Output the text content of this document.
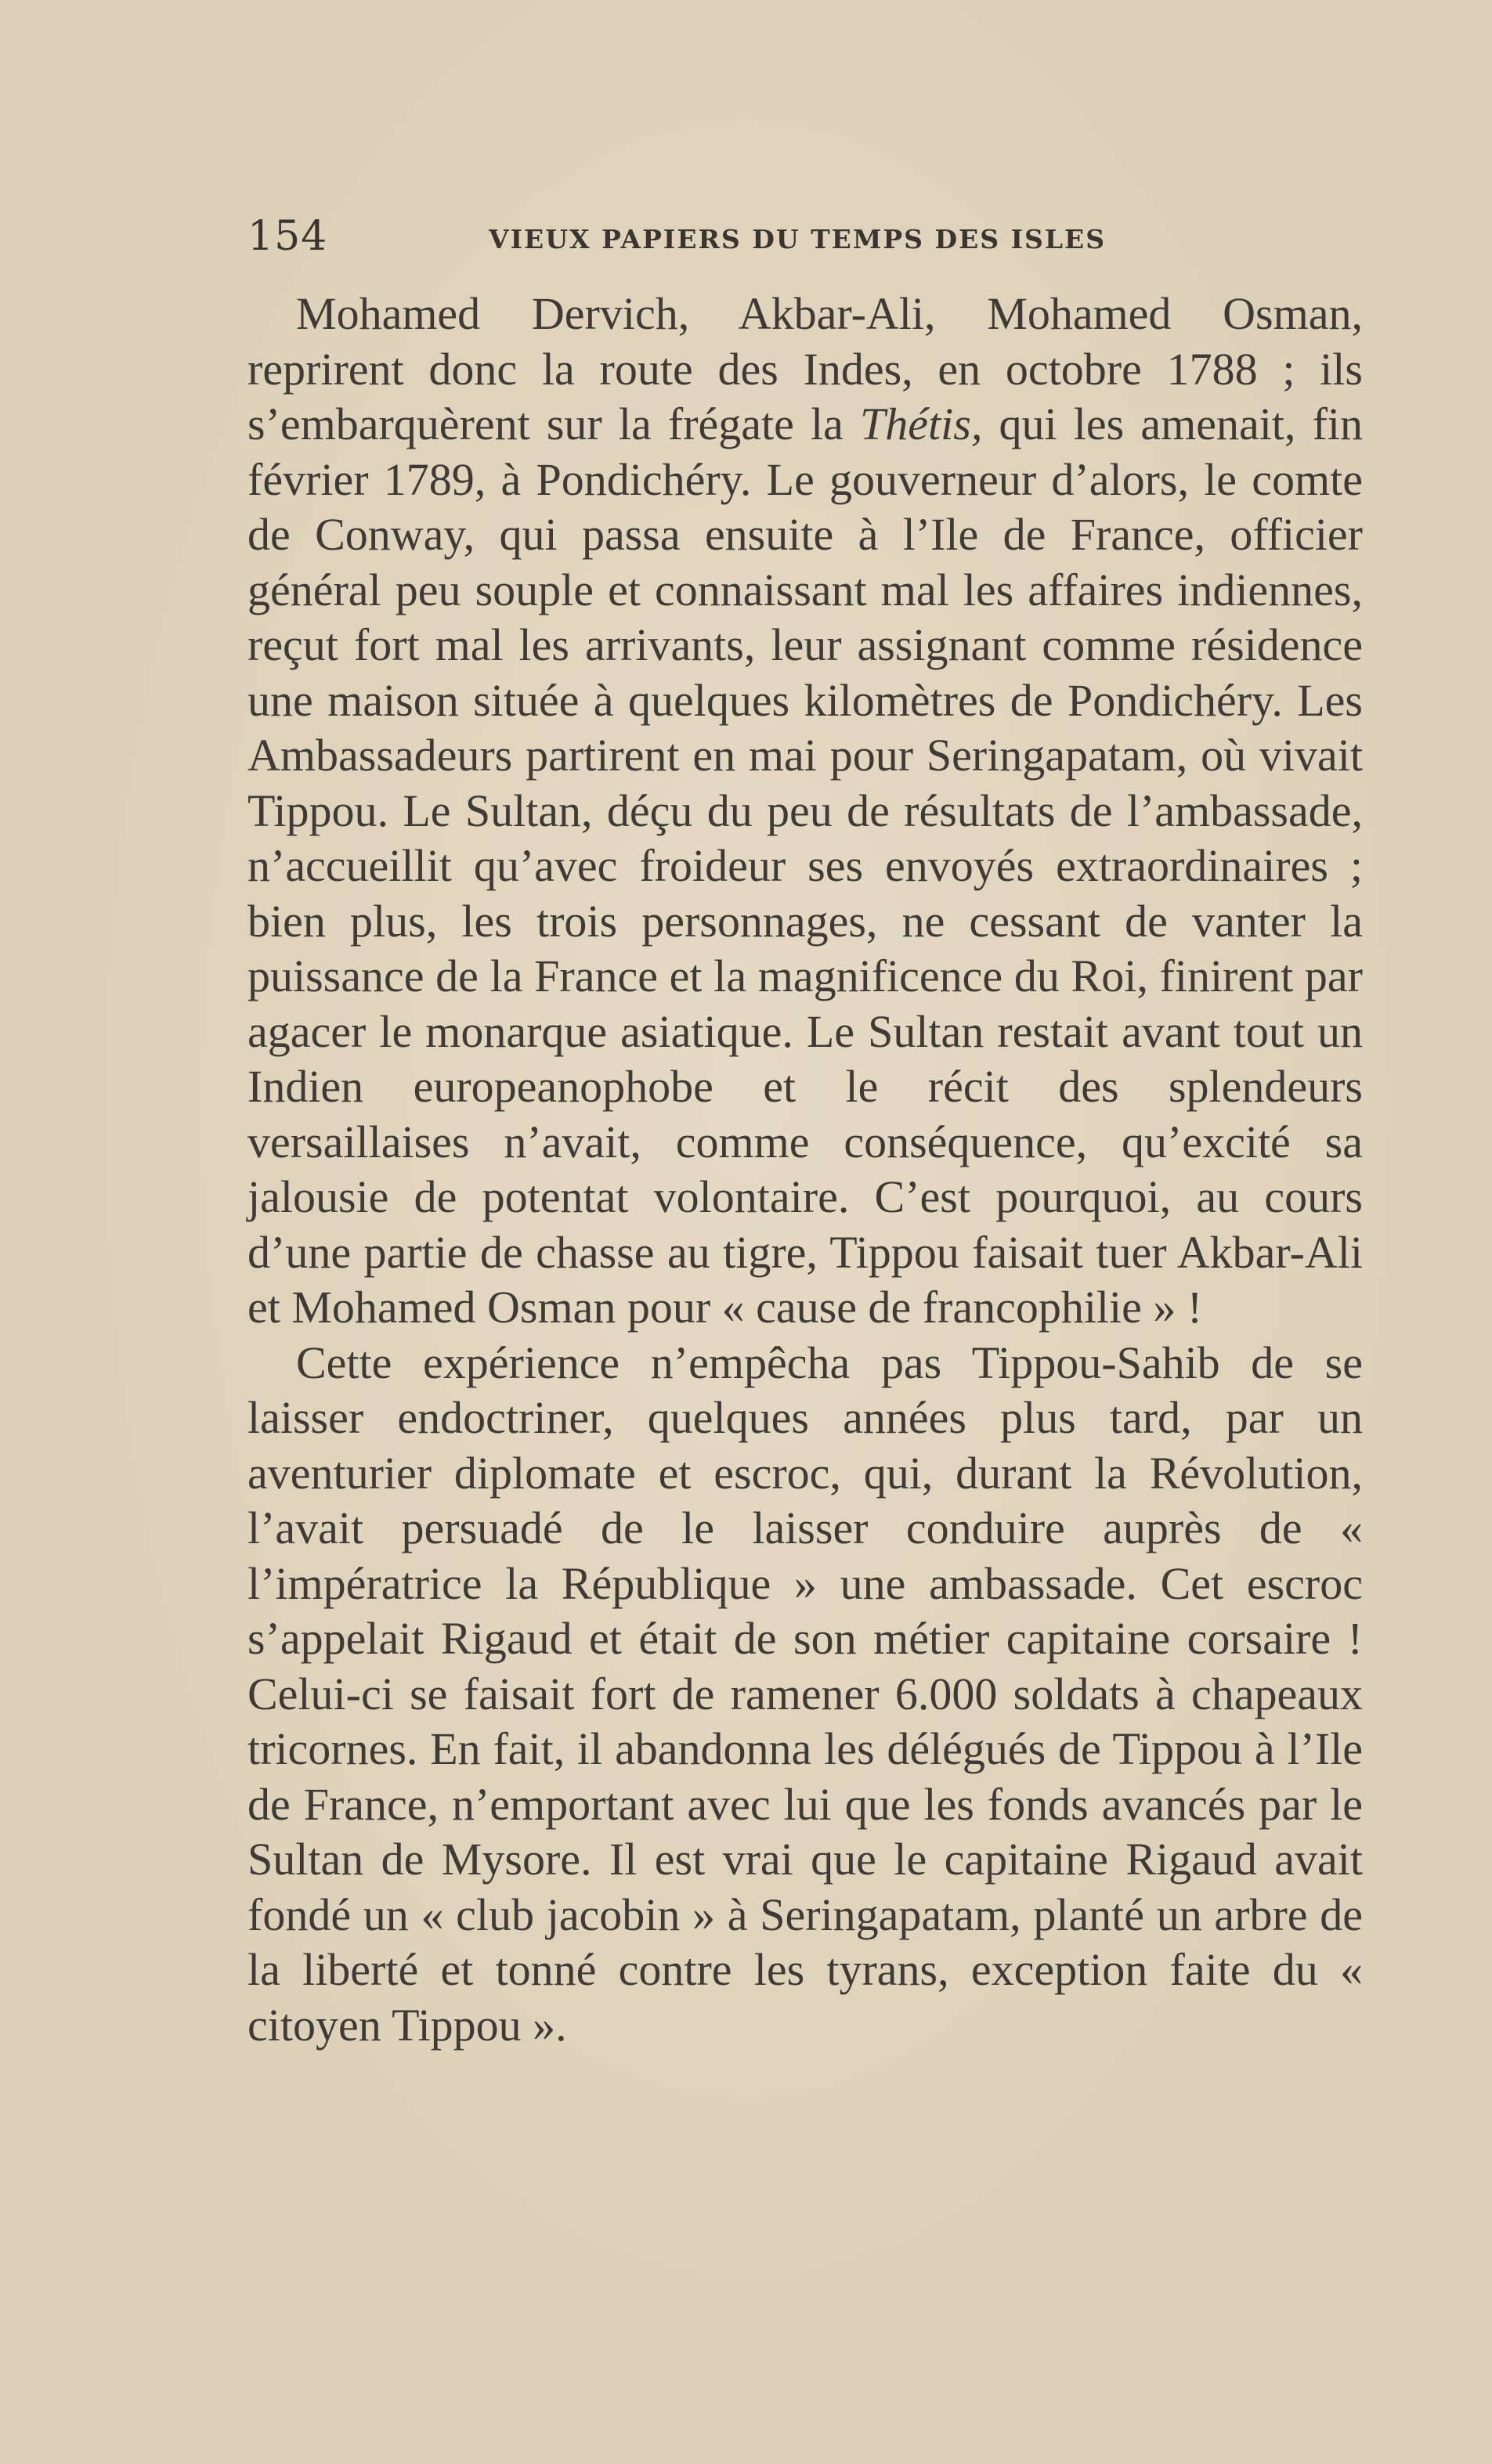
154	VIEUX PAPIERS DU TEMPS DES ISLES

Mohamed Dervich, Akbar-Ali, Mohamed Osman, reprirent donc la route des Indes, en octobre 1788 ; ils s’embarquèrent sur la frégate la Thétis, qui les amenait, fin février 1789, à Pondichéry. Le gouverneur d’alors, le comte de Conway, qui passa ensuite à l’Ile de France, officier général peu souple et connaissant mal les affaires indiennes, reçut fort mal les arrivants, leur assignant comme résidence une maison située à quelques kilomètres de Pondichéry. Les Ambassadeurs partirent en mai pour Seringapatam, où vivait Tippou. Le Sultan, déçu du peu de résultats de l’ambassade, n’accueillit qu’avec froideur ses envoyés extraordinaires ; bien plus, les trois personnages, ne cessant de vanter la puissance de la France et la magnificence du Roi, finirent par agacer le monarque asiatique. Le Sultan restait avant tout un Indien europeanophobe et le récit des splendeurs versaillaises n’avait, comme conséquence, qu’excité sa jalousie de potentat volontaire. C’est pourquoi, au cours d’une partie de chasse au tigre, Tippou faisait tuer Akbar-Ali et Mohamed Osman pour « cause de francophilie » !

Cette expérience n’empêcha pas Tippou-Sahib de se laisser endoctriner, quelques années plus tard, par un aventurier diplomate et escroc, qui, durant la Révolution, l’avait persuadé de le laisser conduire auprès de « l’impératrice la République » une ambassade. Cet escroc s’appelait Rigaud et était de son métier capitaine corsaire ! Celui-ci se faisait fort de ramener 6.000 soldats à chapeaux tricornes. En fait, il abandonna les délégués de Tippou à l’Ile de France, n’emportant avec lui que les fonds avancés par le Sultan de Mysore. Il est vrai que le capitaine Rigaud avait fondé un « club jacobin » à Seringapatam, planté un arbre de la liberté et tonné contre les tyrans, exception faite du « citoyen Tippou ».
